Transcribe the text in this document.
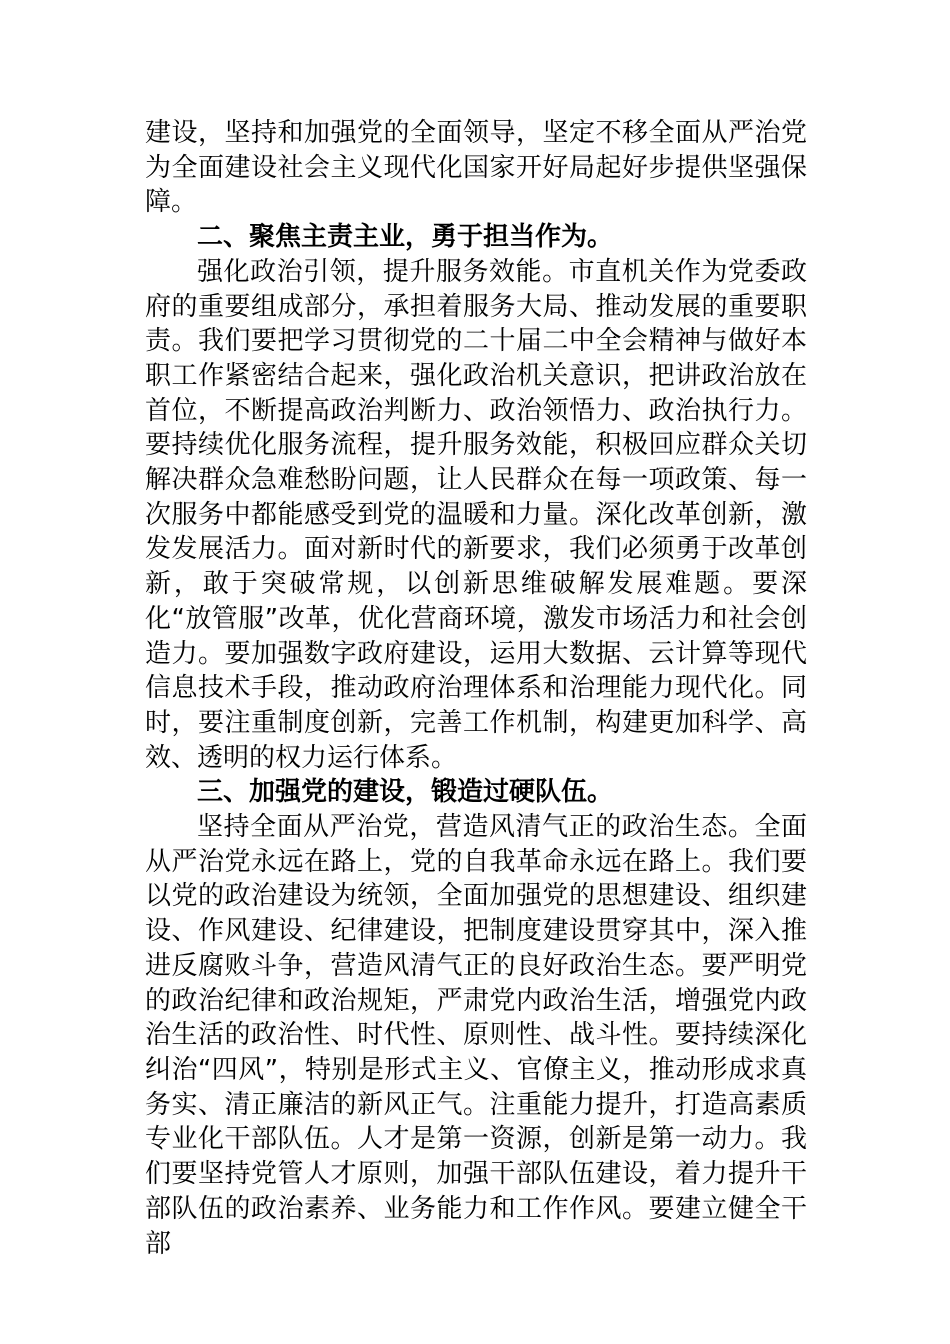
建设，坚持和加强党的全面领导，坚定不移全面从严治党为全面建设社会主义现代化国家开好局起好步提供坚强保障。

二、聚焦主责主业，勇于担当作为。

强化政治引领，提升服务效能。市直机关作为党委政府的重要组成部分，承担着服务大局、推动发展的重要职责。我们要把学习贯彻党的二十届二中全会精神与做好本职工作紧密结合起来，强化政治机关意识，把讲政治放在首位，不断提高政治判断力、政治领悟力、政治执行力。要持续优化服务流程，提升服务效能，积极回应群众关切解决群众急难愁盼问题，让人民群众在每一项政策、每一次服务中都能感受到党的温暖和力量。深化改革创新，激发发展活力。面对新时代的新要求，我们必须勇于改革创新，敢于突破常规，以创新思维破解发展难题。要深化“放管服”改革，优化营商环境，激发市场活力和社会创造力。要加强数字政府建设，运用大数据、云计算等现代信息技术手段，推动政府治理体系和治理能力现代化。同时，要注重制度创新，完善工作机制，构建更加科学、高效、透明的权力运行体系。

三、加强党的建设，锻造过硬队伍。

坚持全面从严治党，营造风清气正的政治生态。全面从严治党永远在路上，党的自我革命永远在路上。我们要以党的政治建设为统领，全面加强党的思想建设、组织建设、作风建设、纪律建设，把制度建设贯穿其中，深入推进反腐败斗争，营造风清气正的良好政治生态。要严明党的政治纪律和政治规矩，严肃党内政治生活，增强党内政治生活的政治性、时代性、原则性、战斗性。要持续深化纠治“四风”，特别是形式主义、官僚主义，推动形成求真务实、清正廉洁的新风正气。注重能力提升，打造高素质专业化干部队伍。人才是第一资源，创新是第一动力。我们要坚持党管人才原则，加强干部队伍建设，着力提升干部队伍的政治素养、业务能力和工作作风。要建立健全干部
